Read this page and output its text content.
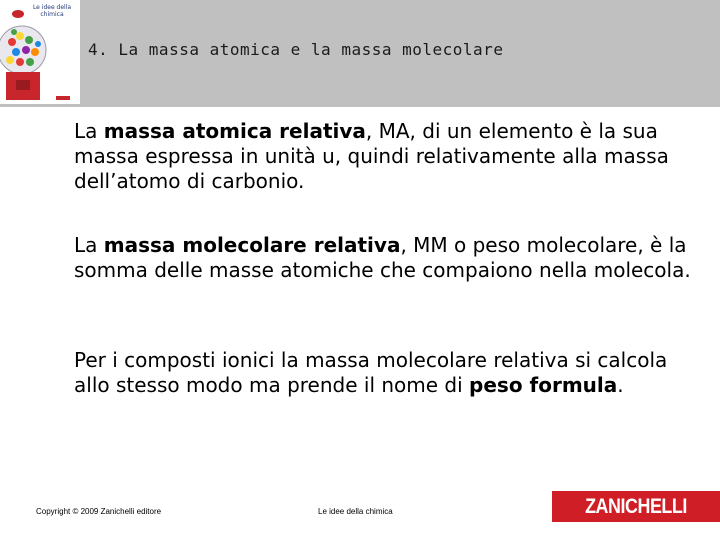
Le idee della chimica
4. La massa atomica e la massa molecolare
La massa atomica relativa, MA, di un elemento è la sua massa espressa in unità u, quindi relativamente alla massa dell’atomo di carbonio.
La massa molecolare relativa, MM o peso molecolare, è la somma delle masse atomiche che compaiono nella molecola.
Per i composti ionici la massa molecolare relativa si calcola allo stesso modo ma prende il nome di peso formula.
Copyright © 2009 Zanichelli editore	Le idee della chimica	ZANICHELLI
